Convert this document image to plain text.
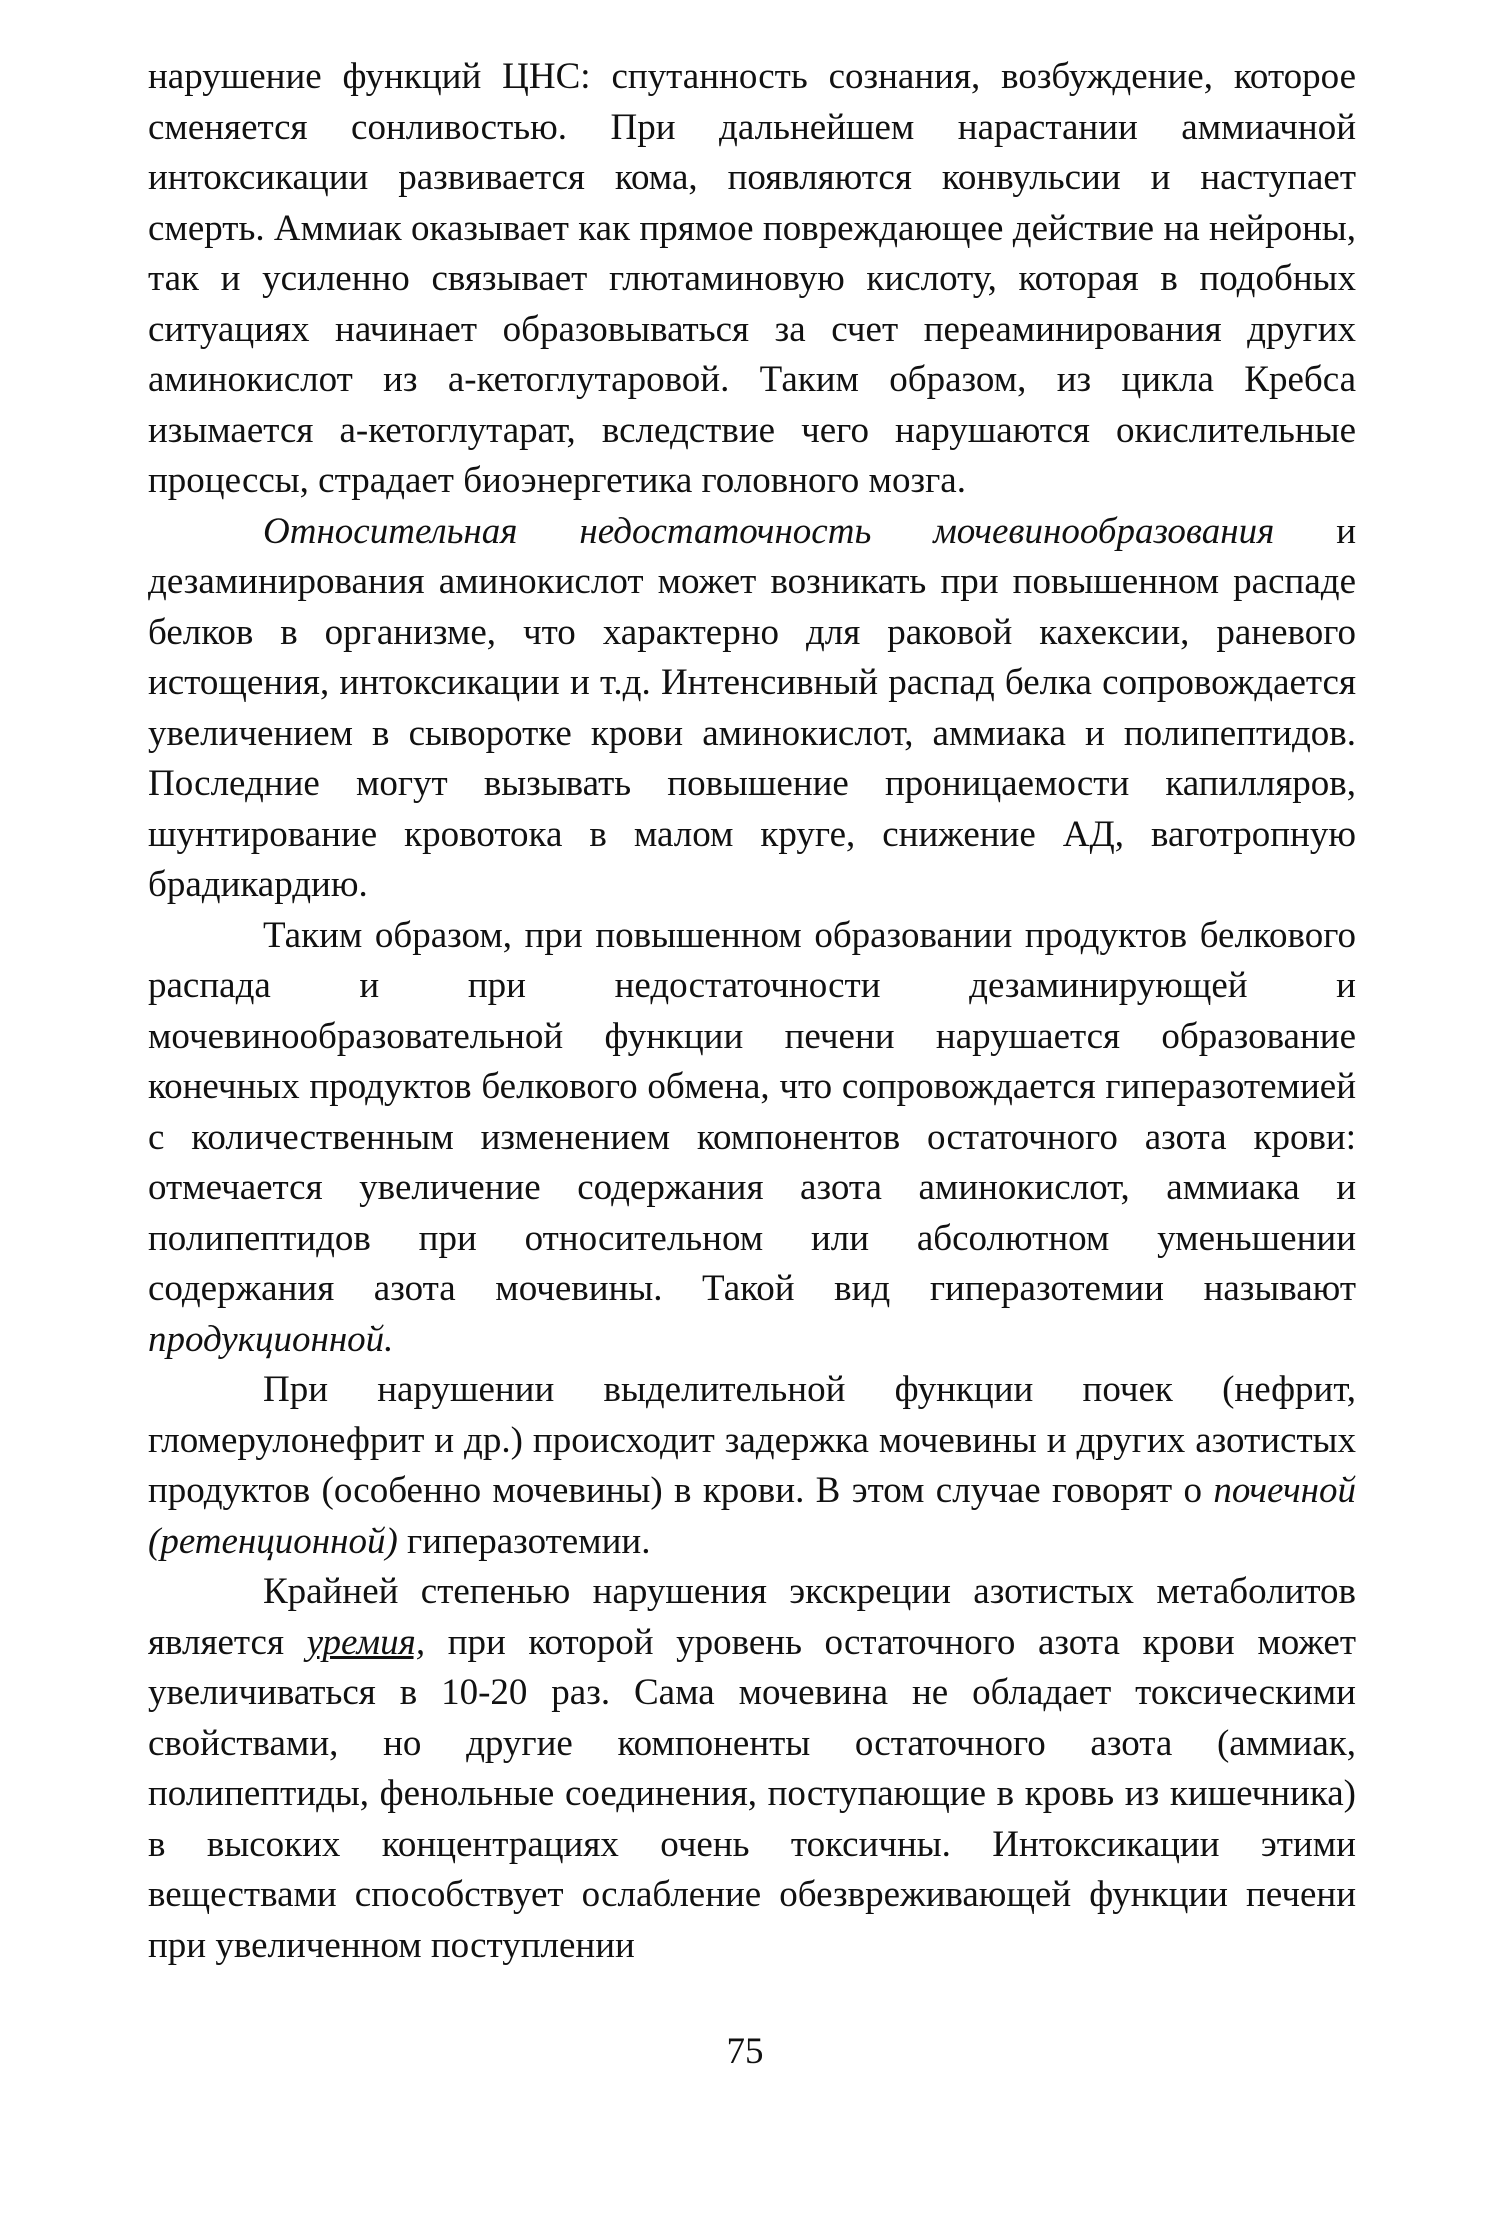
нарушение функций ЦНС: спутанность сознания, возбуждение, которое сменяется сонливостью. При дальнейшем нарастании аммиачной интоксикации развивается кома, появляются конвульсии и наступает смерть. Аммиак оказывает как прямое повреждающее действие на нейроны, так и усиленно связывает глютаминовую кислоту, которая в подобных ситуациях начинает образовываться за счет переаминирования других аминокислот из а-кетоглутаровой. Таким образом, из цикла Кребса изымается а-кетоглутарат, вследствие чего нарушаются окислительные процессы, страдает биоэнергетика головного мозга.

Относительная недостаточность мочевинообразования и дезаминирования аминокислот может возникать при повышенном распаде белков в организме, что характерно для раковой кахексии, раневого истощения, интоксикации и т.д. Интенсивный распад белка сопровождается увеличением в сыворотке крови аминокислот, аммиака и полипептидов. Последние могут вызывать повышение проницаемости капилляров, шунтирование кровотока в малом круге, снижение АД, ваготропную брадикардию.

Таким образом, при повышенном образовании продуктов белкового распада и при недостаточности дезаминирующей и мочевинообразовательной функции печени нарушается образование конечных продуктов белкового обмена, что сопровождается гиперазотемией с количественным изменением компонентов остаточного азота крови: отмечается увеличение содержания азота аминокислот, аммиака и полипептидов при относительном или абсолютном уменьшении содержания азота мочевины. Такой вид гиперазотемии называют продукционной.

При нарушении выделительной функции почек (нефрит, гломерулонефрит и др.) происходит задержка мочевины и других азотистых продуктов (особенно мочевины) в крови. В этом случае говорят о почечной (ретенционной) гиперазотемии.

Крайней степенью нарушения экскреции азотистых метаболитов является уремия, при которой уровень остаточного азота крови может увеличиваться в 10-20 раз. Сама мочевина не обладает токсическими свойствами, но другие компоненты остаточного азота (аммиак, полипептиды, фенольные соединения, поступающие в кровь из кишечника) в высоких концентрациях очень токсичны. Интоксикации этими веществами способствует ослабление обезвреживающей функции печени при увеличенном поступлении

75
